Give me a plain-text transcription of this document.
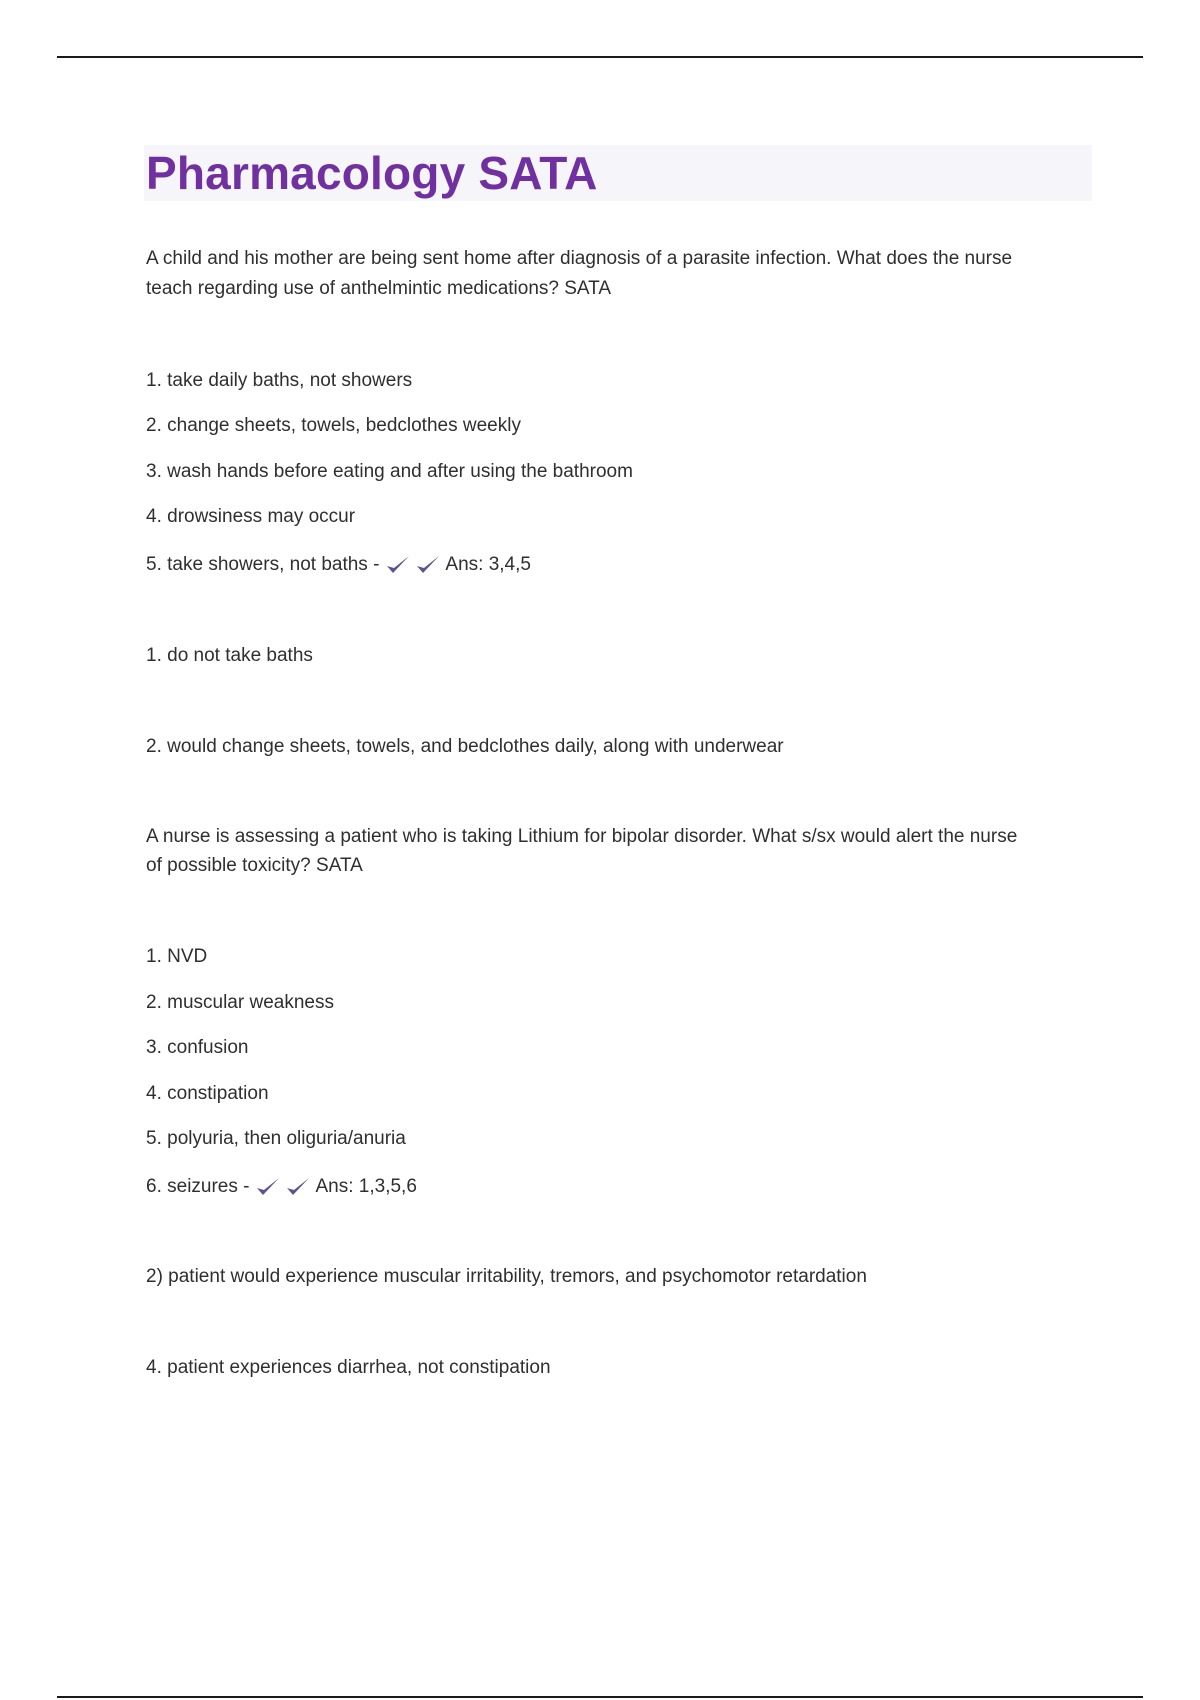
Pharmacology SATA

A child and his mother are being sent home after diagnosis of a parasite infection. What does the nurse

teach regarding use of anthelmintic medications? SATA

1. take daily baths, not showers

2. change sheets, towels, bedclothes weekly

3. wash hands before eating and after using the bathroom

4. drowsiness may occur

5. take showers, not baths -	Ans: 3,4,5

1. do not take baths

2. would change sheets, towels, and bedclothes daily, along with underwear

A nurse is assessing a patient who is taking Lithium for bipolar disorder. What s/sx would alert the nurse

of possible toxicity? SATA

1. NVD

2. muscular weakness

3. confusion

4. constipation

5. polyuria, then oliguria/anuria

6. seizures -	Ans: 1,3,5,6

2) patient would experience muscular irritability, tremors, and psychomotor retardation

4. patient experiences diarrhea, not constipation
